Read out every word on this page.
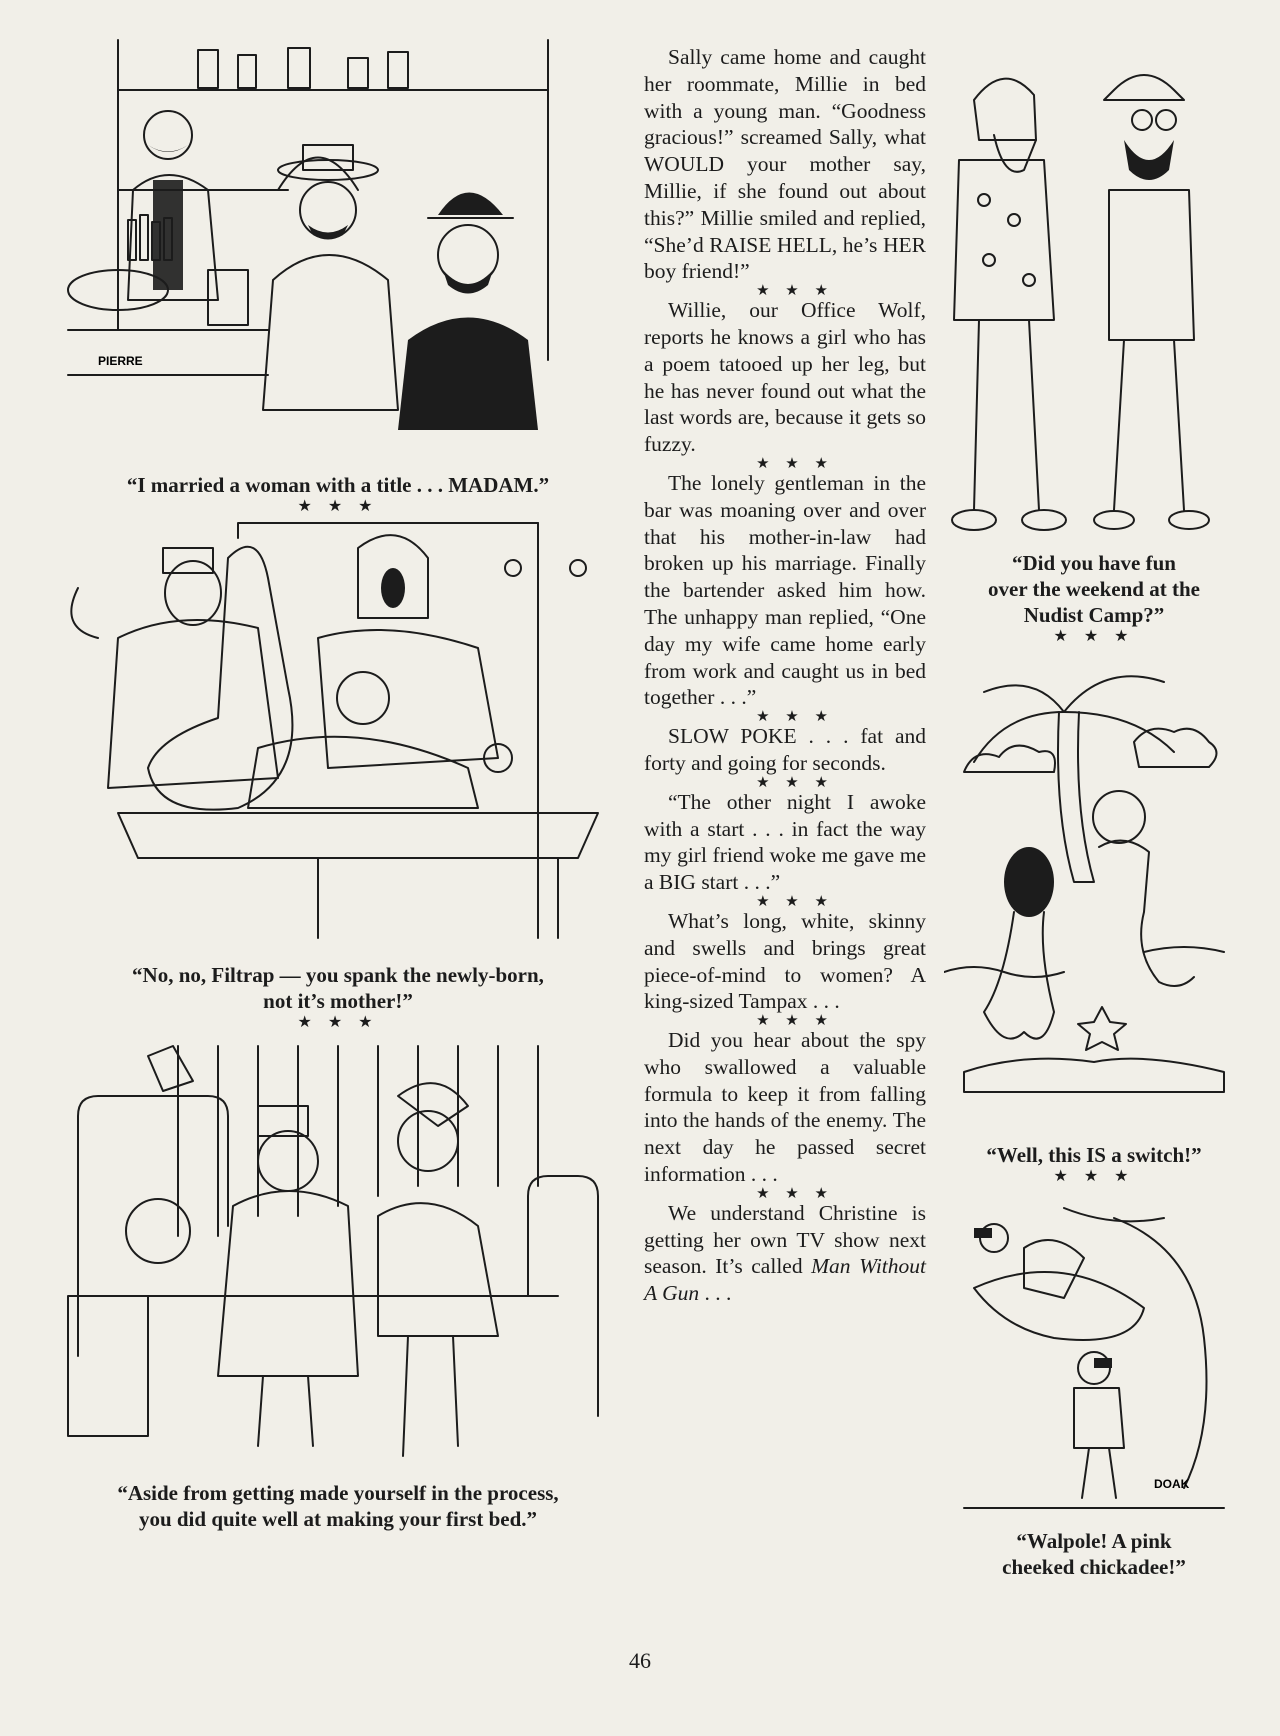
PIERRE

“I married a woman with a title . . . MADAM.”

★ ★ ★

“No, no, Filtrap — you spank the newly-born,

not it’s mother!”

★ ★ ★

“Aside from getting made yourself in the process,

you did quite well at making your first bed.”

Sally came home and caught her roommate, Millie in bed with a young man. “Goodness gracious!” screamed Sally, what WOULD your mother say, Millie, if she found out about this?” Millie smiled and replied, “She’d RAISE HELL, he’s HER boy friend!”

★ ★ ★

Willie, our Office Wolf, reports he knows a girl who has a poem tatooed up her leg, but he has never found out what the last words are, because it gets so fuzzy.

★ ★ ★

The lonely gentleman in the bar was moaning over and over that his mother-in-law had broken up his marriage. Finally the bartender asked him how. The unhappy man replied, “One day my wife came home early from work and caught us in bed together . . .”

★ ★ ★

SLOW POKE . . . fat and forty and going for seconds.

★ ★ ★

“The other night I awoke with a start . . . in fact the way my girl friend woke me gave me a BIG start . . .”

★ ★ ★

What’s long, white, skinny and swells and brings great piece-of-mind to women? A king-sized Tampax . . .

★ ★ ★

Did you hear about the spy who swallowed a valuable formula to keep it from falling into the hands of the enemy. The next day he passed secret information . . .

★ ★ ★

We understand Christine is getting her own TV show next season. It’s called Man Without A Gun . . .

“Did you have fun

over the weekend at the

Nudist Camp?”

★ ★ ★

“Well, this IS a switch!”

★ ★ ★
DOAK

“Walpole! A pink

cheeked chickadee!”

46
